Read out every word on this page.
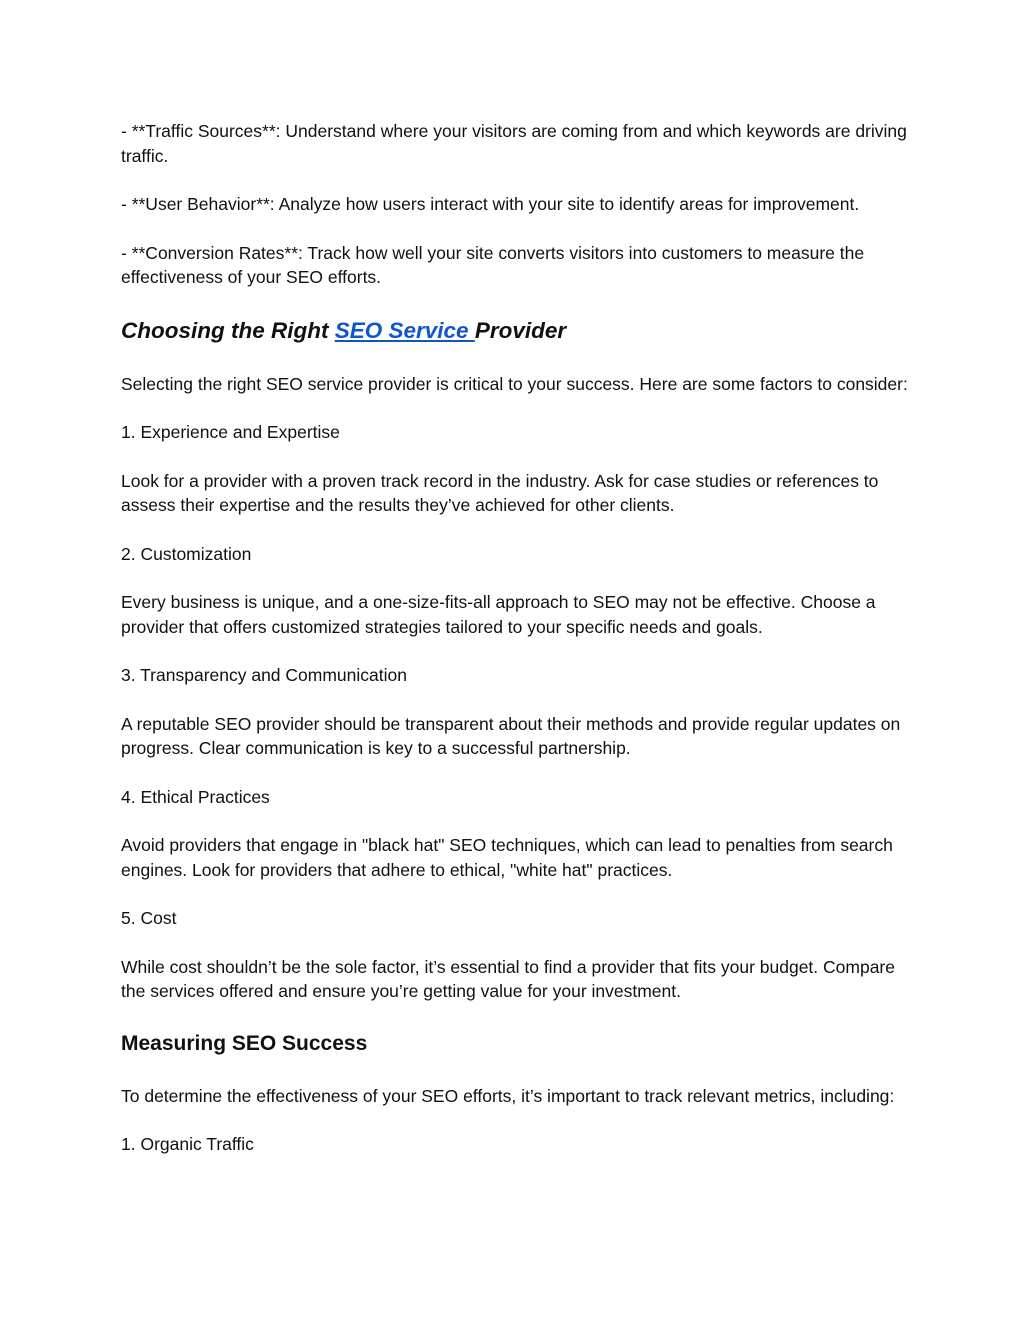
- **Traffic Sources**: Understand where your visitors are coming from and which keywords are driving traffic.

- **User Behavior**: Analyze how users interact with your site to identify areas for improvement.

- **Conversion Rates**: Track how well your site converts visitors into customers to measure the effectiveness of your SEO efforts.

Choosing the Right SEO Service Provider

Selecting the right SEO service provider is critical to your success. Here are some factors to consider:

1. Experience and Expertise

Look for a provider with a proven track record in the industry. Ask for case studies or references to assess their expertise and the results they’ve achieved for other clients.

2. Customization

Every business is unique, and a one-size-fits-all approach to SEO may not be effective. Choose a provider that offers customized strategies tailored to your specific needs and goals.

3. Transparency and Communication

A reputable SEO provider should be transparent about their methods and provide regular updates on progress. Clear communication is key to a successful partnership.

4. Ethical Practices

Avoid providers that engage in "black hat" SEO techniques, which can lead to penalties from search engines. Look for providers that adhere to ethical, "white hat" practices.

5. Cost

While cost shouldn’t be the sole factor, it’s essential to find a provider that fits your budget. Compare the services offered and ensure you’re getting value for your investment.

Measuring SEO Success

To determine the effectiveness of your SEO efforts, it’s important to track relevant metrics, including:

1. Organic Traffic
